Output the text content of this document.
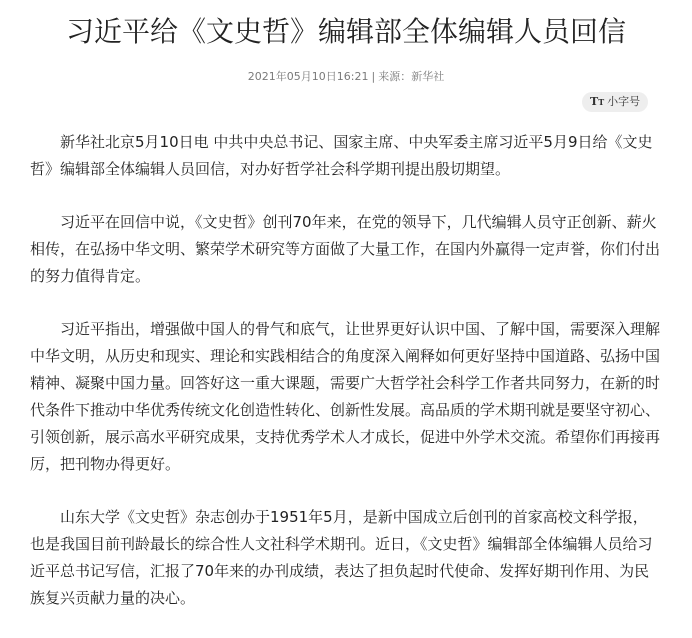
习近平给《文史哲》编辑部全体编辑人员回信
2021年05月10日16:21 | 来源：新华社
TT 小字号

新华社北京5月10日电 中共中央总书记、国家主席、中央军委主席习近平5月9日给《文史哲》编辑部全体编辑人员回信，对办好哲学社会科学期刊提出殷切期望。

习近平在回信中说，《文史哲》创刊70年来，在党的领导下，几代编辑人员守正创新、薪火相传，在弘扬中华文明、繁荣学术研究等方面做了大量工作，在国内外赢得一定声誉，你们付出的努力值得肯定。

习近平指出，增强做中国人的骨气和底气，让世界更好认识中国、了解中国，需要深入理解中华文明，从历史和现实、理论和实践相结合的角度深入阐释如何更好坚持中国道路、弘扬中国精神、凝聚中国力量。回答好这一重大课题，需要广大哲学社会科学工作者共同努力，在新的时代条件下推动中华优秀传统文化创造性转化、创新性发展。高品质的学术期刊就是要坚守初心、引领创新，展示高水平研究成果，支持优秀学术人才成长，促进中外学术交流。希望你们再接再厉，把刊物办得更好。

山东大学《文史哲》杂志创办于1951年5月，是新中国成立后创刊的首家高校文科学报，也是我国目前刊龄最长的综合性人文社科学术期刊。近日，《文史哲》编辑部全体编辑人员给习近平总书记写信，汇报了70年来的办刊成绩，表达了担负起时代使命、发挥好期刊作用、为民族复兴贡献力量的决心。
